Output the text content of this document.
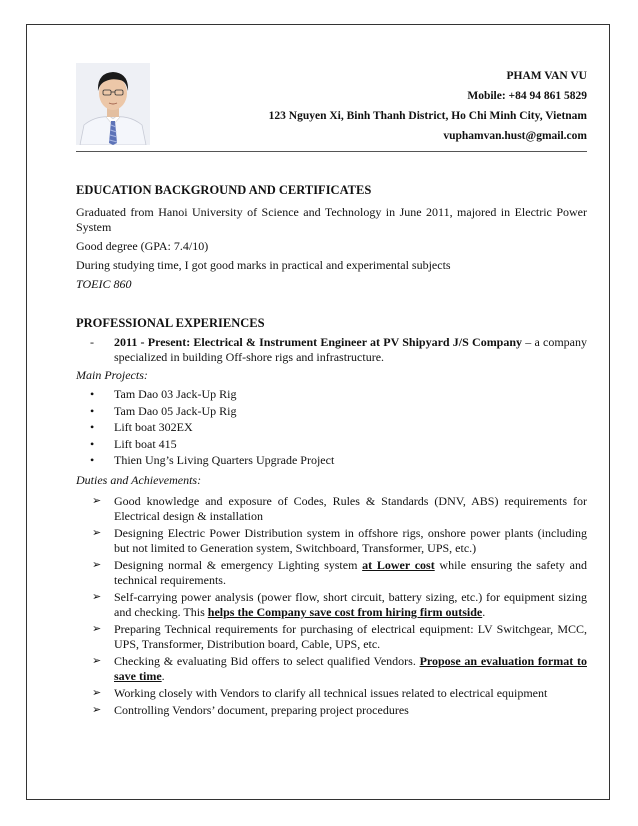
PHAM VAN VU
Mobile: +84 94 861 5829
123 Nguyen Xi, Binh Thanh District, Ho Chi Minh City, Vietnam
vuphamvan.hust@gmail.com

EDUCATION BACKGROUND AND CERTIFICATES

Graduated from Hanoi University of Science and Technology in June 2011, majored in Electric Power System

Good degree (GPA: 7.4/10)

During studying time, I got good marks in practical and experimental subjects

TOEIC 860

PROFESSIONAL EXPERIENCES

-	2011 - Present: Electrical & Instrument Engineer at PV Shipyard J/S Company – a company specialized in building Off-shore rigs and infrastructure.

Main Projects:

•	Tam Dao 03 Jack-Up Rig
•	Tam Dao 05 Jack-Up Rig
•	Lift boat 302EX
•	Lift boat 415
•	Thien Ung’s Living Quarters Upgrade Project

Duties and Achievements:

➢	Good knowledge and exposure of Codes, Rules & Standards (DNV, ABS) requirements for Electrical design & installation
➢	Designing Electric Power Distribution system in offshore rigs, onshore power plants (including but not limited to Generation system, Switchboard, Transformer, UPS, etc.)
➢	Designing normal & emergency Lighting system at Lower cost while ensuring the safety and technical requirements.
➢	Self-carrying power analysis (power flow, short circuit, battery sizing, etc.) for equipment sizing and checking. This helps the Company save cost from hiring firm outside.
➢	Preparing Technical requirements for purchasing of electrical equipment: LV Switchgear, MCC, UPS, Transformer, Distribution board, Cable, UPS, etc.
➢	Checking & evaluating Bid offers to select qualified Vendors. Propose an evaluation format to save time.
➢	Working closely with Vendors to clarify all technical issues related to electrical equipment
➢	Controlling Vendors’ document, preparing project procedures
